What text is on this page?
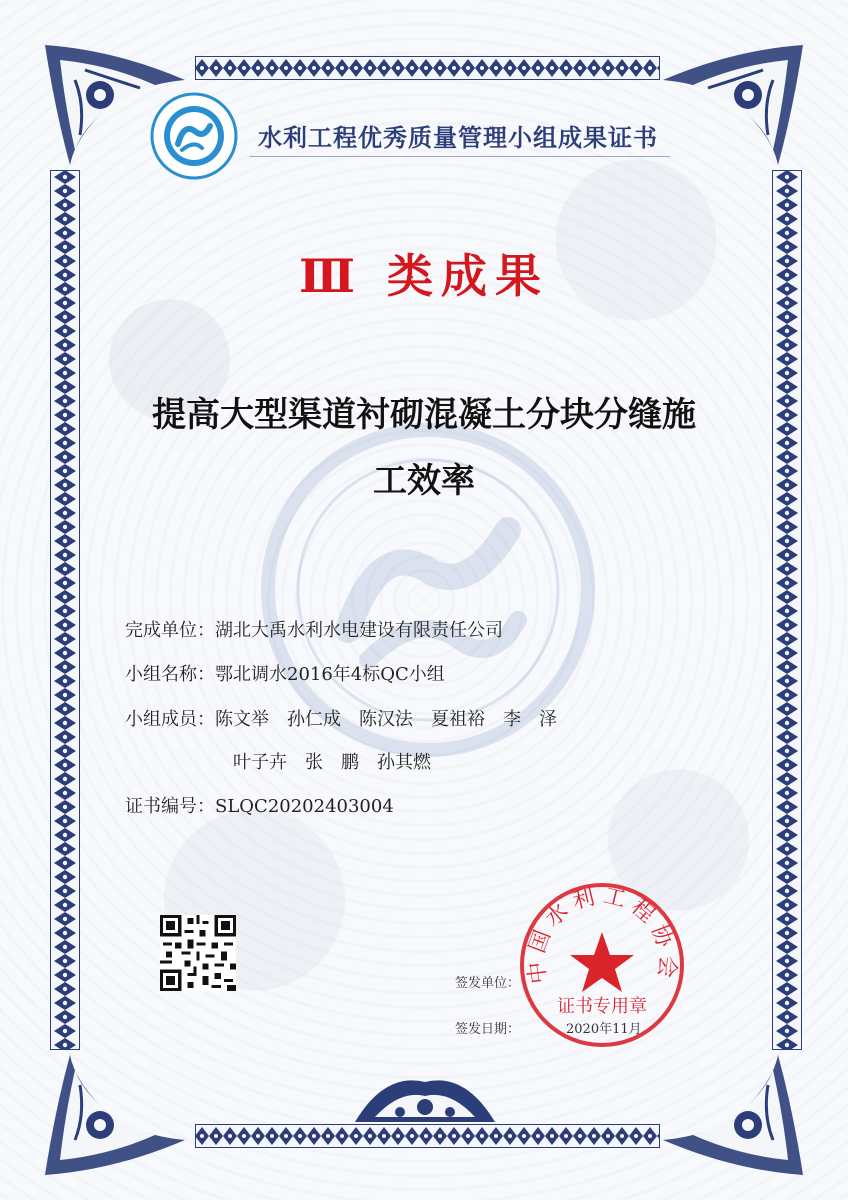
水利工程优秀质量管理小组成果证书
Ⅲ 类成果
提高大型渠道衬砌混凝土分块分缝施
工效率
完成单位：湖北大禹水利水电建设有限责任公司
小组名称：鄂北调水2016年4标QC小组
小组成员：陈文举　 孙仁成　 陈汉法　 夏祖裕　 李　泽
叶子卉　 张　鹏　 孙其燃
证书编号：SLQC20202403004
签发单位：
签发日期：	2020年11月
中国水利工程协会
证书专用章
